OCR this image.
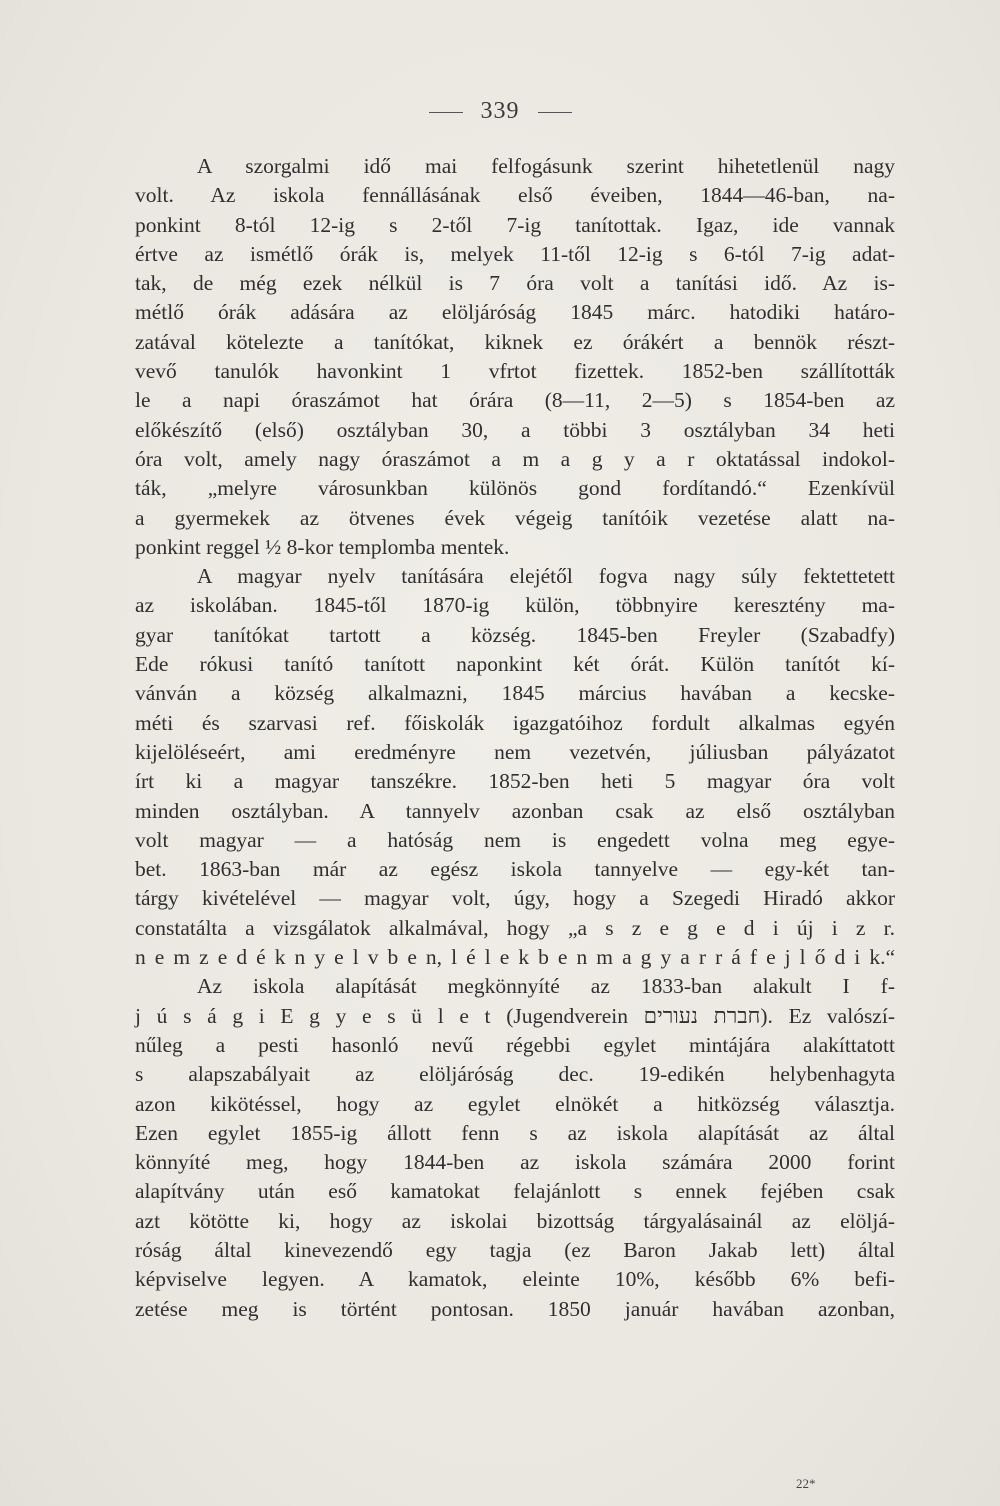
339
A szorgalmi idő mai felfogásunk szerint hihetetlenül nagy
volt. Az iskola fennállásának első éveiben, 1844—46-ban, na-
ponkint 8-tól 12-ig s 2-től 7-ig tanítottak. Igaz, ide vannak
értve az ismétlő órák is, melyek 11-től 12-ig s 6-tól 7-ig adat-
tak, de még ezek nélkül is 7 óra volt a tanítási idő. Az is-
métlő órák adására az elöljáróság 1845 márc. hatodiki határo-
zatával kötelezte a tanítókat, kiknek ez órákért a bennök részt-
vevő tanulók havonkint 1 vfrtot fizettek. 1852-ben szállították
le a napi óraszámot hat órára (8—11, 2—5) s 1854-ben az
előkészítő (első) osztályban 30, a többi 3 osztályban 34 heti
óra volt, amely nagy óraszámot a m a g y a r oktatással indokol-
ták, „melyre városunkban különös gond fordítandó.“ Ezenkívül
a gyermekek az ötvenes évek végeig tanítóik vezetése alatt na-
ponkint reggel ½ 8-kor templomba mentek.
A magyar nyelv tanítására elejétől fogva nagy súly fektettetett
az iskolában. 1845-től 1870-ig külön, többnyire keresztény ma-
gyar tanítókat tartott a község. 1845-ben Freyler (Szabadfy)
Ede rókusi tanító tanított naponkint két órát. Külön tanítót kí-
vánván a község alkalmazni, 1845 március havában a kecske-
méti és szarvasi ref. főiskolák igazgatóihoz fordult alkalmas egyén
kijelöléseért, ami eredményre nem vezetvén, júliusban pályázatot
írt ki a magyar tanszékre. 1852-ben heti 5 magyar óra volt
minden osztályban. A tannyelv azonban csak az első osztályban
volt magyar — a hatóság nem is engedett volna meg egye-
bet. 1863-ban már az egész iskola tannyelve — egy-két tan-
tárgy kivételével — magyar volt, úgy, hogy a Szegedi Hiradó akkor
constatálta a vizsgálatok alkalmával, hogy „a s z e g e d i új i z r.
n e m z e d é k n y e l v b e n, l é l e k b e n m a g y a r r á f e j l ő d i k.“
Az iskola alapítását megkönnyíté az 1833-ban alakult I f-
j ú s á g i E g y e s ü l e t (Jugendverein חברת נעורים). Ez valószí-
nűleg a pesti hasonló nevű régebbi egylet mintájára alakíttatott
s alapszabályait az elöljáróság dec. 19-edikén helybenhagyta
azon kikötéssel, hogy az egylet elnökét a hitközség választja.
Ezen egylet 1855-ig állott fenn s az iskola alapítását az által
könnyíté meg, hogy 1844-ben az iskola számára 2000 forint
alapítvány után eső kamatokat felajánlott s ennek fejében csak
azt kötötte ki, hogy az iskolai bizottság tárgyalásainál az elöljá-
róság által kinevezendő egy tagja (ez Baron Jakab lett) által
képviselve legyen. A kamatok, eleinte 10%, később 6% befi-
zetése meg is történt pontosan. 1850 január havában azonban,
22*
